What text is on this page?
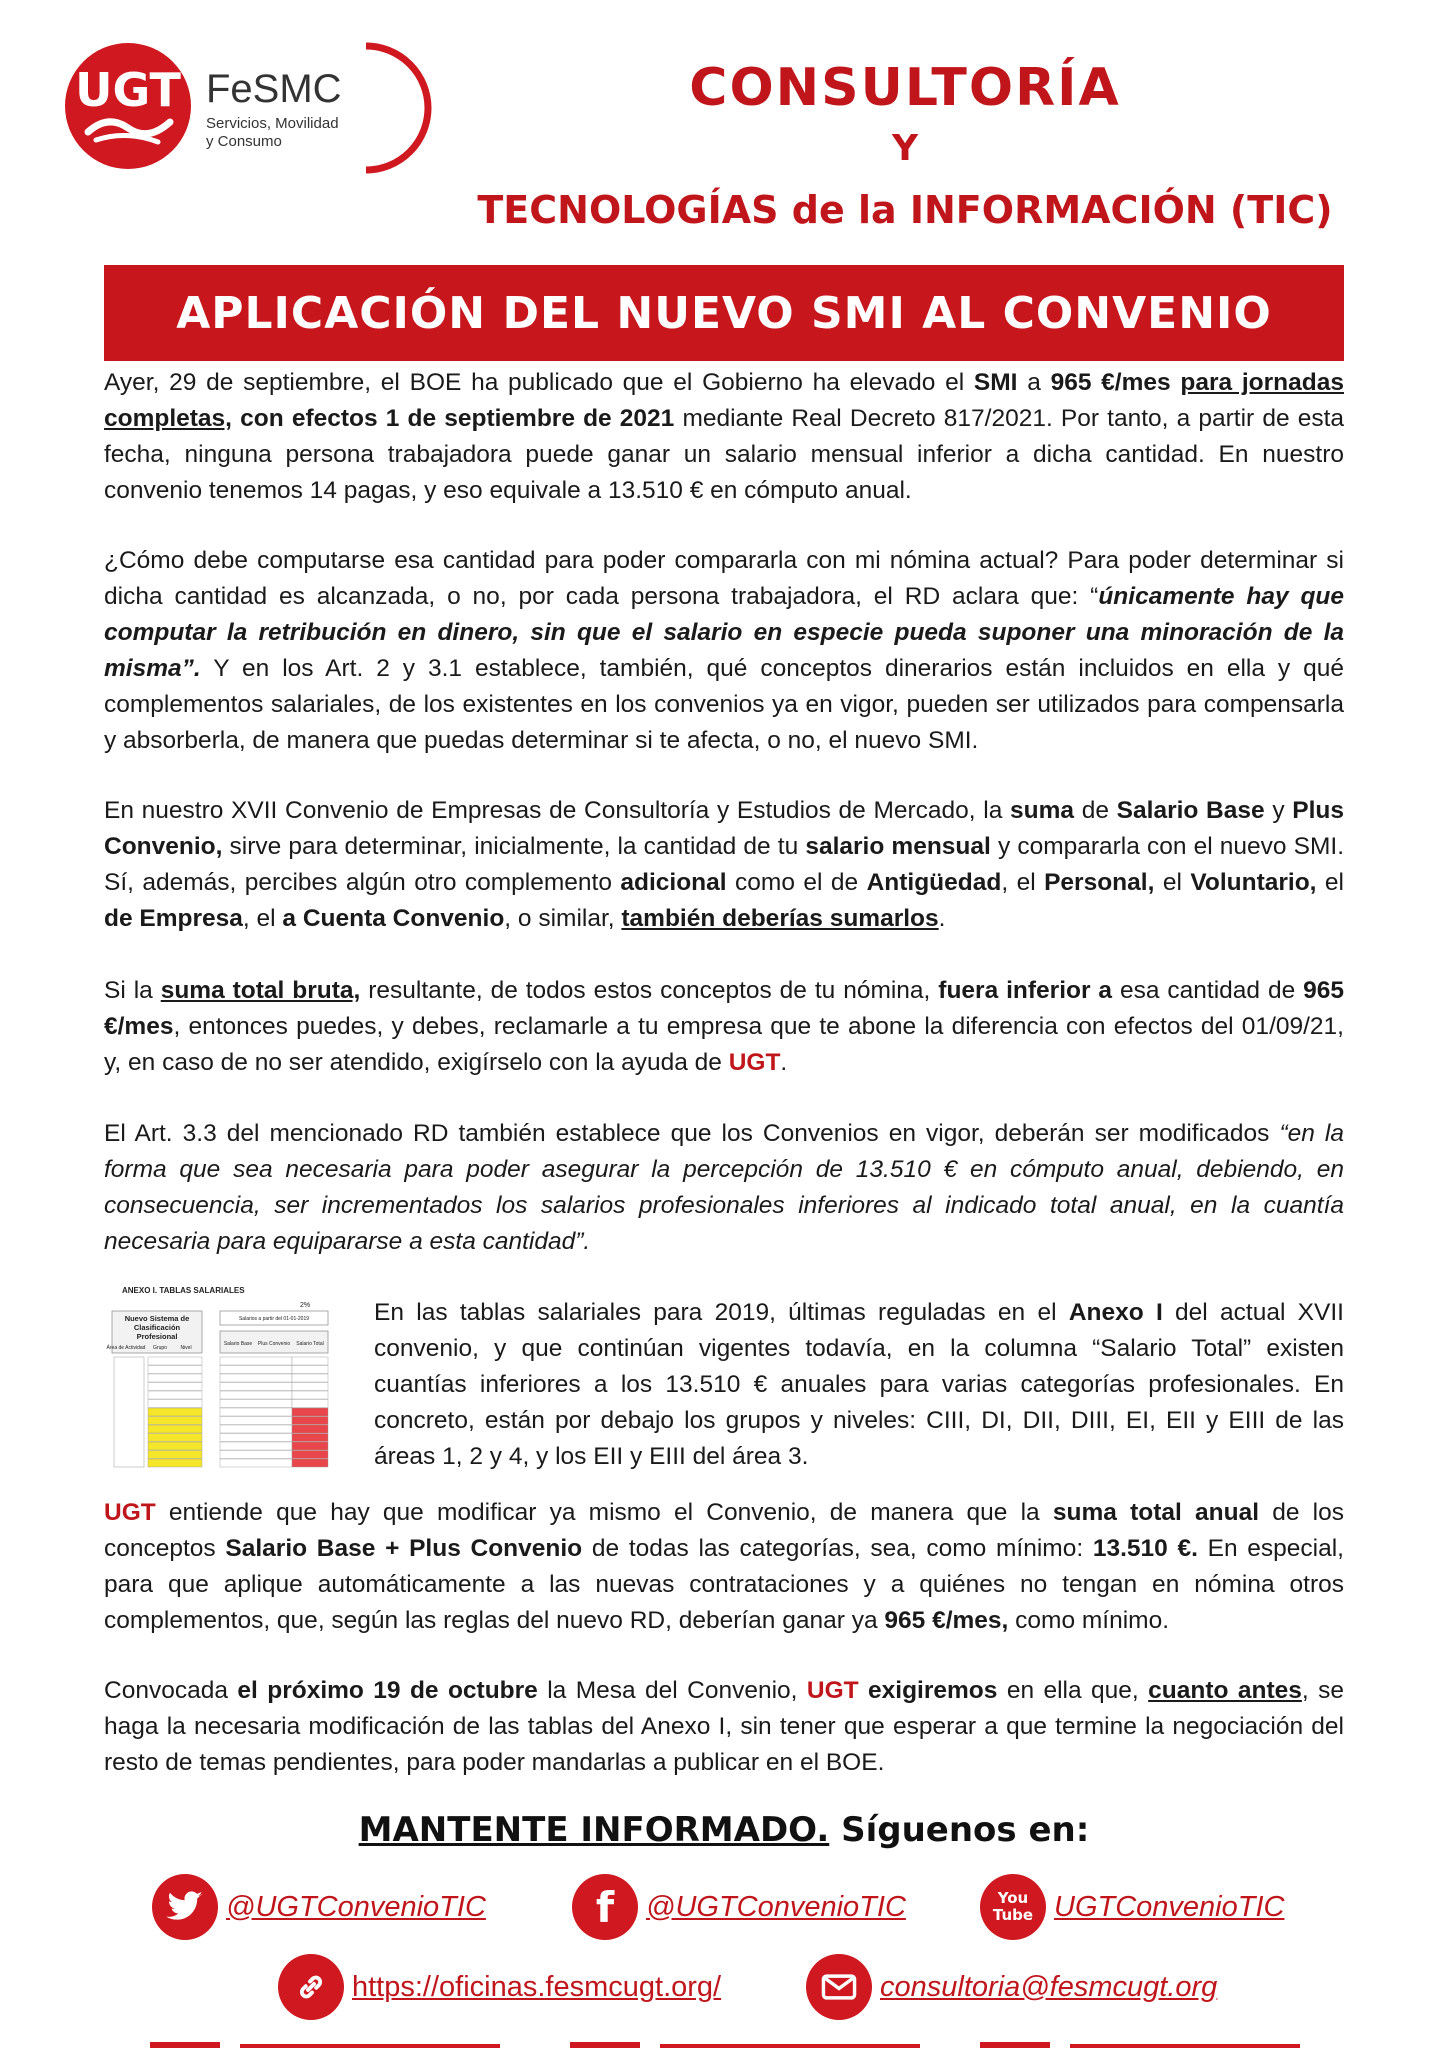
UGT FeSMC
Servicios, Movilidad
y Consumo
CONSULTORÍA
Y
TECNOLOGÍAS de la INFORMACIÓN (TIC)
APLICACIÓN DEL NUEVO SMI AL CONVENIO
Ayer, 29 de septiembre, el BOE ha publicado que el Gobierno ha elevado el SMI a 965 €/mes para jornadas completas, con efectos 1 de septiembre de 2021 mediante Real Decreto 817/2021. Por tanto, a partir de esta fecha, ninguna persona trabajadora puede ganar un salario mensual inferior a dicha cantidad. En nuestro convenio tenemos 14 pagas, y eso equivale a 13.510 € en cómputo anual.
¿Cómo debe computarse esa cantidad para poder compararla con mi nómina actual? Para poder determinar si dicha cantidad es alcanzada, o no, por cada persona trabajadora, el RD aclara que: “únicamente hay que computar la retribución en dinero, sin que el salario en especie pueda suponer una minoración de la misma”. Y en los Art. 2 y 3.1 establece, también, qué conceptos dinerarios están incluidos en ella y qué complementos salariales, de los existentes en los convenios ya en vigor, pueden ser utilizados para compensarla y absorberla, de manera que puedas determinar si te afecta, o no, el nuevo SMI.
En nuestro XVII Convenio de Empresas de Consultoría y Estudios de Mercado, la suma de Salario Base y Plus Convenio, sirve para determinar, inicialmente, la cantidad de tu salario mensual y compararla con el nuevo SMI. Sí, además, percibes algún otro complemento adicional como el de Antigüedad, el Personal, el Voluntario, el de Empresa, el a Cuenta Convenio, o similar, también deberías sumarlos.
Si la suma total bruta, resultante, de todos estos conceptos de tu nómina, fuera inferior a esa cantidad de 965 €/mes, entonces puedes, y debes, reclamarle a tu empresa que te abone la diferencia con efectos del 01/09/21, y, en caso de no ser atendido, exigírselo con la ayuda de UGT.
El Art. 3.3 del mencionado RD también establece que los Convenios en vigor, deberán ser modificados “en la forma que sea necesaria para poder asegurar la percepción de 13.510 € en cómputo anual, debiendo, en consecuencia, ser incrementados los salarios profesionales inferiores al indicado total anual, en la cuantía necesaria para equipararse a esta cantidad”.
ANEXO I. TABLAS SALARIALES
2%
Nuevo Sistema de
Clasificación
Profesional
Área de Actividad Grupo	Nivel
Salarios a partir del 01-01-2019
Salario Base Plus Convenio Salario Total
En las tablas salariales para 2019, últimas reguladas en el Anexo I del actual XVII convenio, y que continúan vigentes todavía, en la columna “Salario Total” existen cuantías inferiores a los 13.510 € anuales para varias categorías profesionales. En concreto, están por debajo los grupos y niveles: CIII, DI, DII, DIII, EI, EII y EIII de las áreas 1, 2 y 4, y los EII y EIII del área 3.
UGT entiende que hay que modificar ya mismo el Convenio, de manera que la suma total anual de los conceptos Salario Base + Plus Convenio de todas las categorías, sea, como mínimo: 13.510 €. En especial, para que aplique automáticamente a las nuevas contrataciones y a quiénes no tengan en nómina otros complementos, que, según las reglas del nuevo RD, deberían ganar ya 965 €/mes, como mínimo.
Convocada el próximo 19 de octubre la Mesa del Convenio, UGT exigiremos en ella que, cuanto antes, se haga la necesaria modificación de las tablas del Anexo I, sin tener que esperar a que termine la negociación del resto de temas pendientes, para poder mandarlas a publicar en el BOE.
MANTENTE INFORMADO. Síguenos en:
@UGTConvenioTIC	f	@UGTConvenioTIC	You
Tube UGTConvenioTIC
https://oficinas.fesmcugt.org/	consultoria@fesmcugt.org
